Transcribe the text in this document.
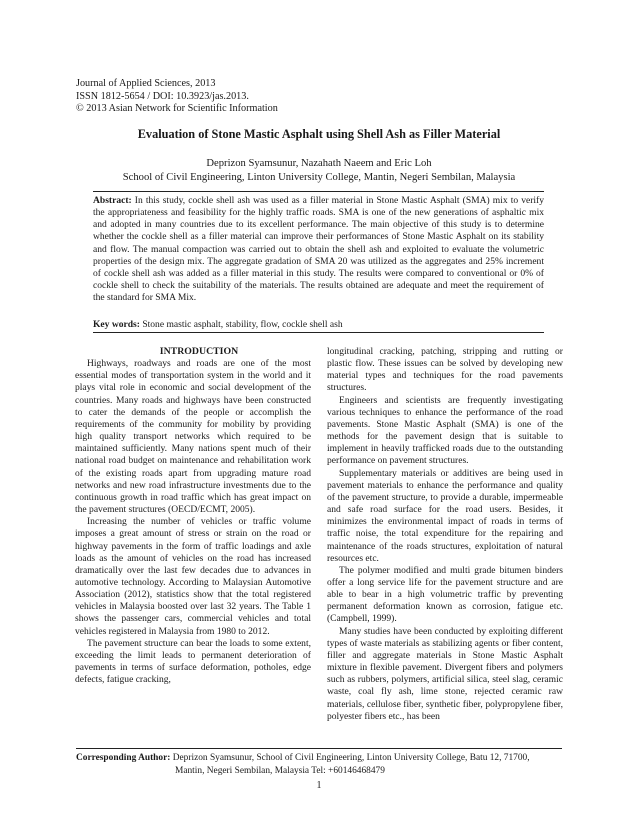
Journal of Applied Sciences, 2013
ISSN 1812-5654 / DOI: 10.3923/jas.2013.
© 2013 Asian Network for Scientific Information
Evaluation of Stone Mastic Asphalt using Shell Ash as Filler Material
Deprizon Syamsunur, Nazahath Naeem and Eric Loh
School of Civil Engineering, Linton University College, Mantin, Negeri Sembilan, Malaysia
Abstract: In this study, cockle shell ash was used as a filler material in Stone Mastic Asphalt (SMA) mix to verify the appropriateness and feasibility for the highly traffic roads. SMA is one of the new generations of asphaltic mix and adopted in many countries due to its excellent performance. The main objective of this study is to determine whether the cockle shell as a filler material can improve their performances of Stone Mastic Asphalt on its stability and flow. The manual compaction was carried out to obtain the shell ash and exploited to evaluate the volumetric properties of the design mix. The aggregate gradation of SMA 20 was utilized as the aggregates and 25% increment of cockle shell ash was added as a filler material in this study. The results were compared to conventional or 0% of cockle shell to check the suitability of the materials. The results obtained are adequate and meet the requirement of the standard for SMA Mix.
Key words: Stone mastic asphalt, stability, flow, cockle shell ash

INTRODUCTION

Highways, roadways and roads are one of the most essential modes of transportation system in the world and it plays vital role in economic and social development of the countries. Many roads and highways have been constructed to cater the demands of the people or accomplish the requirements of the community for mobility by providing high quality transport networks which required to be maintained sufficiently. Many nations spent much of their national road budget on maintenance and rehabilitation work of the existing roads apart from upgrading mature road networks and new road infrastructure investments due to the continuous growth in road traffic which has great impact on the pavement structures (OECD/ECMT, 2005).

Increasing the number of vehicles or traffic volume imposes a great amount of stress or strain on the road or highway pavements in the form of traffic loadings and axle loads as the amount of vehicles on the road has increased dramatically over the last few decades due to advances in automotive technology. According to Malaysian Automotive Association (2012), statistics show that the total registered vehicles in Malaysia boosted over last 32 years. The Table 1 shows the passenger cars, commercial vehicles and total vehicles registered in Malaysia from 1980 to 2012.

The pavement structure can bear the loads to some extent, exceeding the limit leads to permanent deterioration of pavements in terms of surface deformation, potholes, edge defects, fatigue cracking,

longitudinal cracking, patching, stripping and rutting or plastic flow. These issues can be solved by developing new material types and techniques for the road pavements structures.

Engineers and scientists are frequently investigating various techniques to enhance the performance of the road pavements. Stone Mastic Asphalt (SMA) is one of the methods for the pavement design that is suitable to implement in heavily trafficked roads due to the outstanding performance on pavement structures.

Supplementary materials or additives are being used in pavement materials to enhance the performance and quality of the pavement structure, to provide a durable, impermeable and safe road surface for the road users. Besides, it minimizes the environmental impact of roads in terms of traffic noise, the total expenditure for the repairing and maintenance of the roads structures, exploitation of natural resources etc.

The polymer modified and multi grade bitumen binders offer a long service life for the pavement structure and are able to bear in a high volumetric traffic by preventing permanent deformation known as corrosion, fatigue etc. (Campbell, 1999).

Many studies have been conducted by exploiting different types of waste materials as stabilizing agents or fiber content, filler and aggregate materials in Stone Mastic Asphalt mixture in flexible pavement. Divergent fibers and polymers such as rubbers, polymers, artificial silica, steel slag, ceramic waste, coal fly ash, lime stone, rejected ceramic raw materials, cellulose fiber, synthetic fiber, polypropylene fiber, polyester fibers etc., has been

Corresponding Author: Deprizon Syamsunur, School of Civil Engineering, Linton University College, Batu 12, 71700,
Mantin, Negeri Sembilan, Malaysia Tel: +60146468479
1
